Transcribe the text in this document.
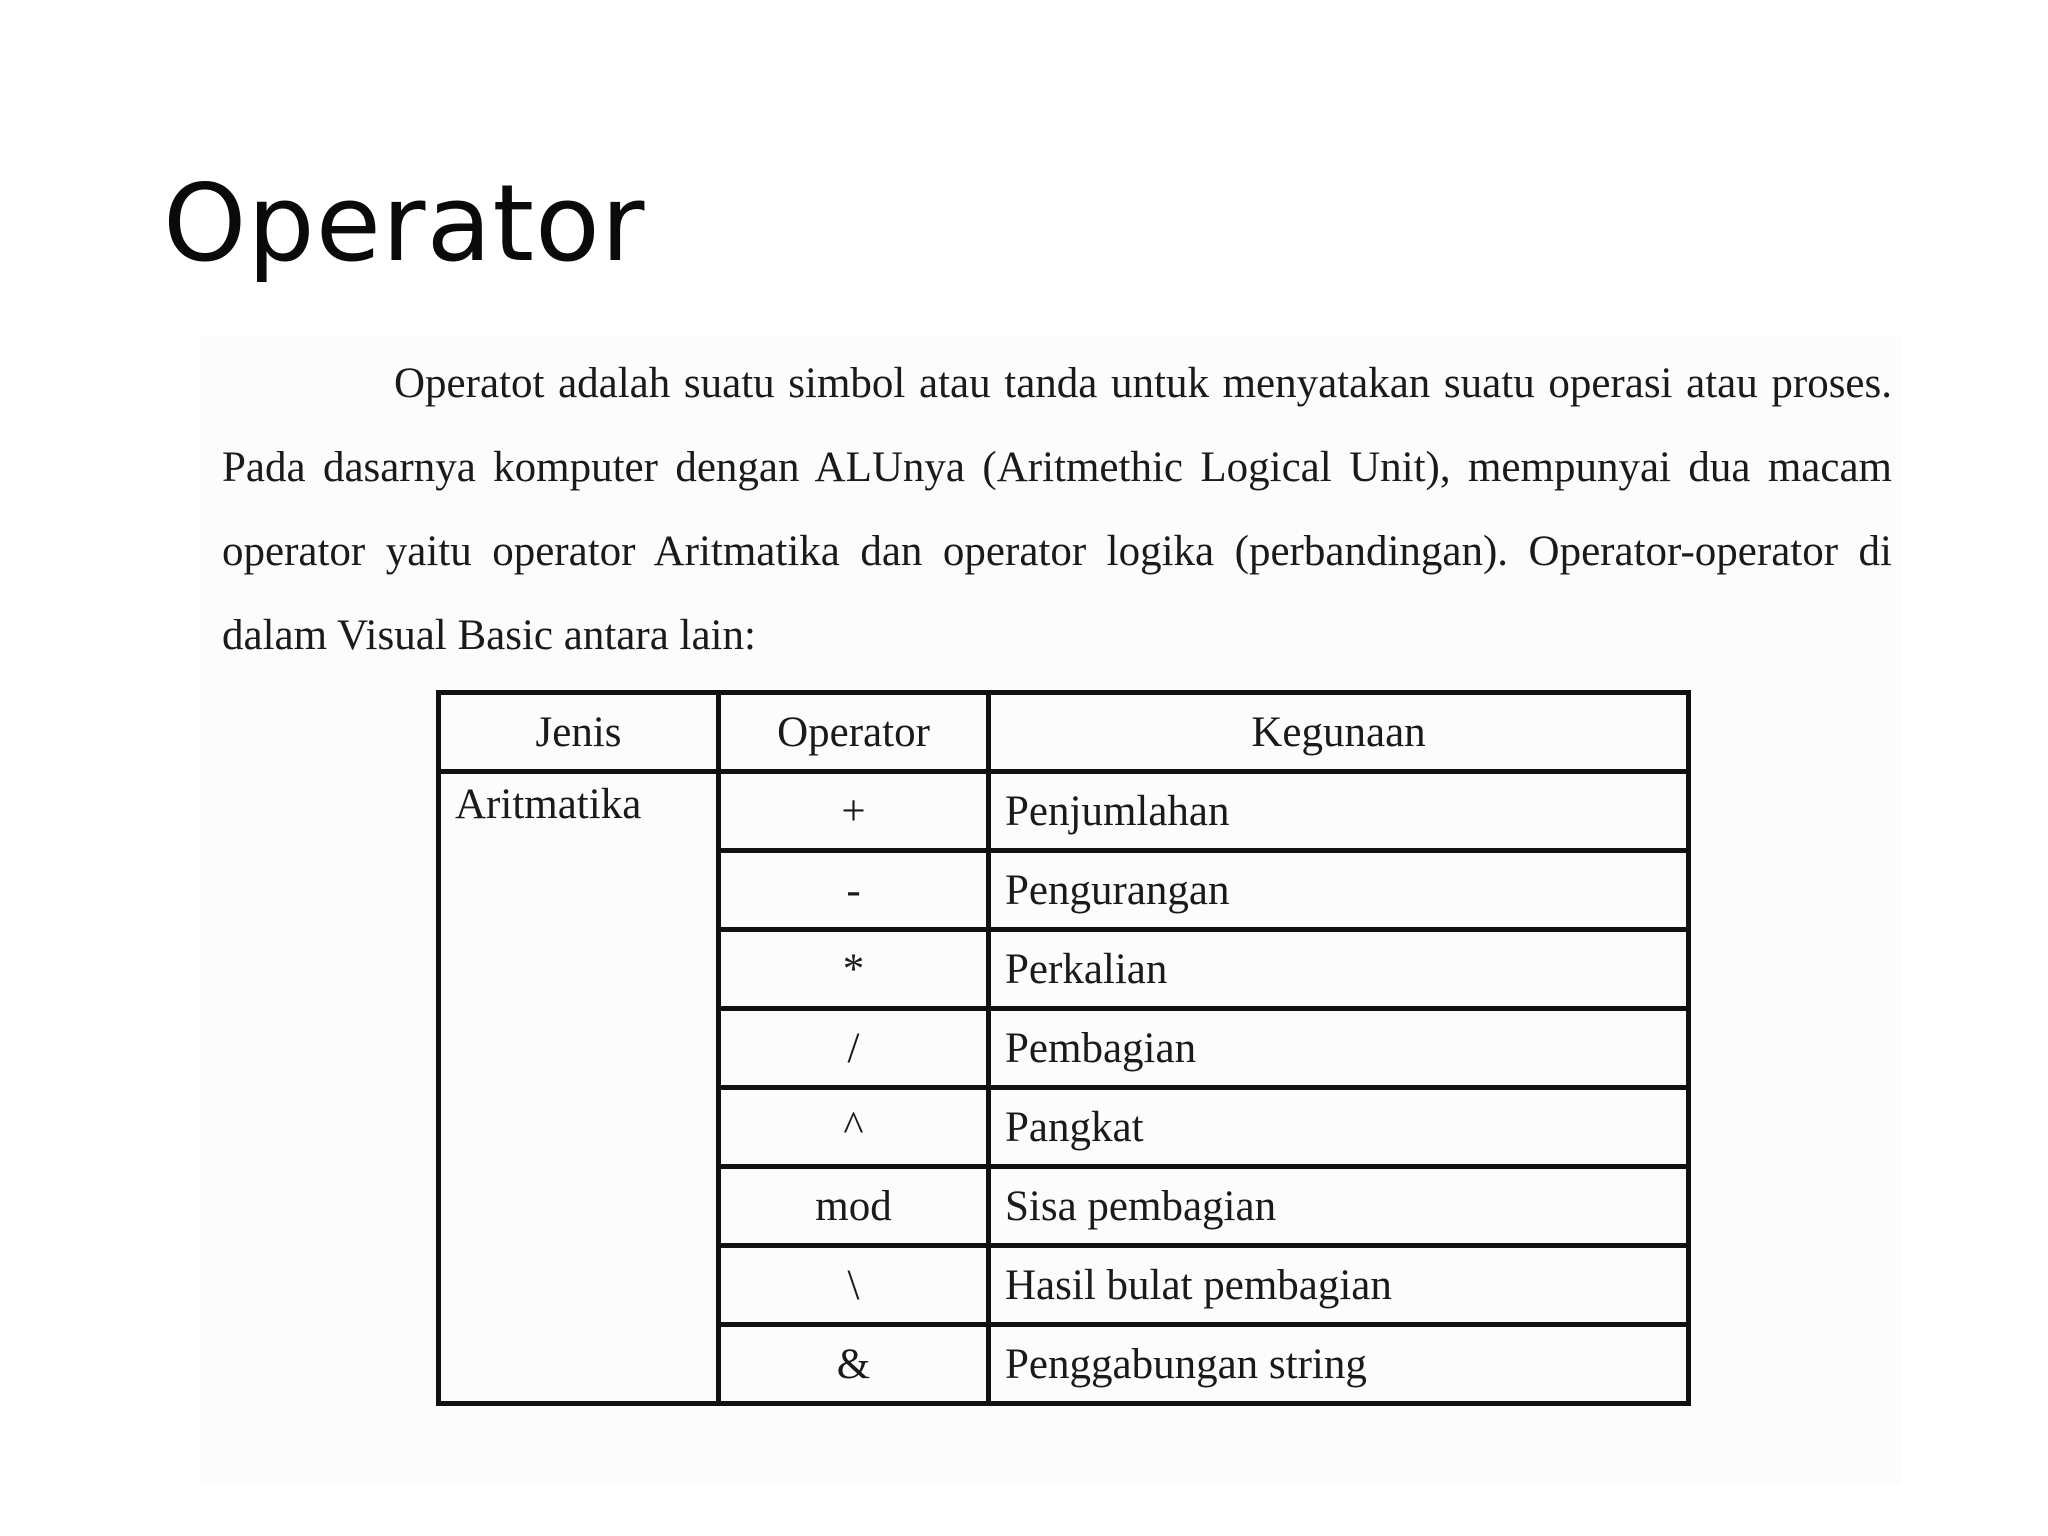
Operator

Operatot adalah suatu simbol atau tanda untuk menyatakan suatu operasi atau proses. Pada dasarnya komputer dengan ALUnya (Aritmethic Logical Unit), mempunyai dua macam operator yaitu operator Aritmatika dan operator logika (perbandingan). Operator-operator di dalam Visual Basic antara lain:

Jenis	Operator	Kegunaan
Aritmatika	+	Penjumlahan
	-	Pengurangan
	*	Perkalian
	/	Pembagian
	^	Pangkat
	mod	Sisa pembagian
	\	Hasil bulat pembagian
	&	Penggabungan string
